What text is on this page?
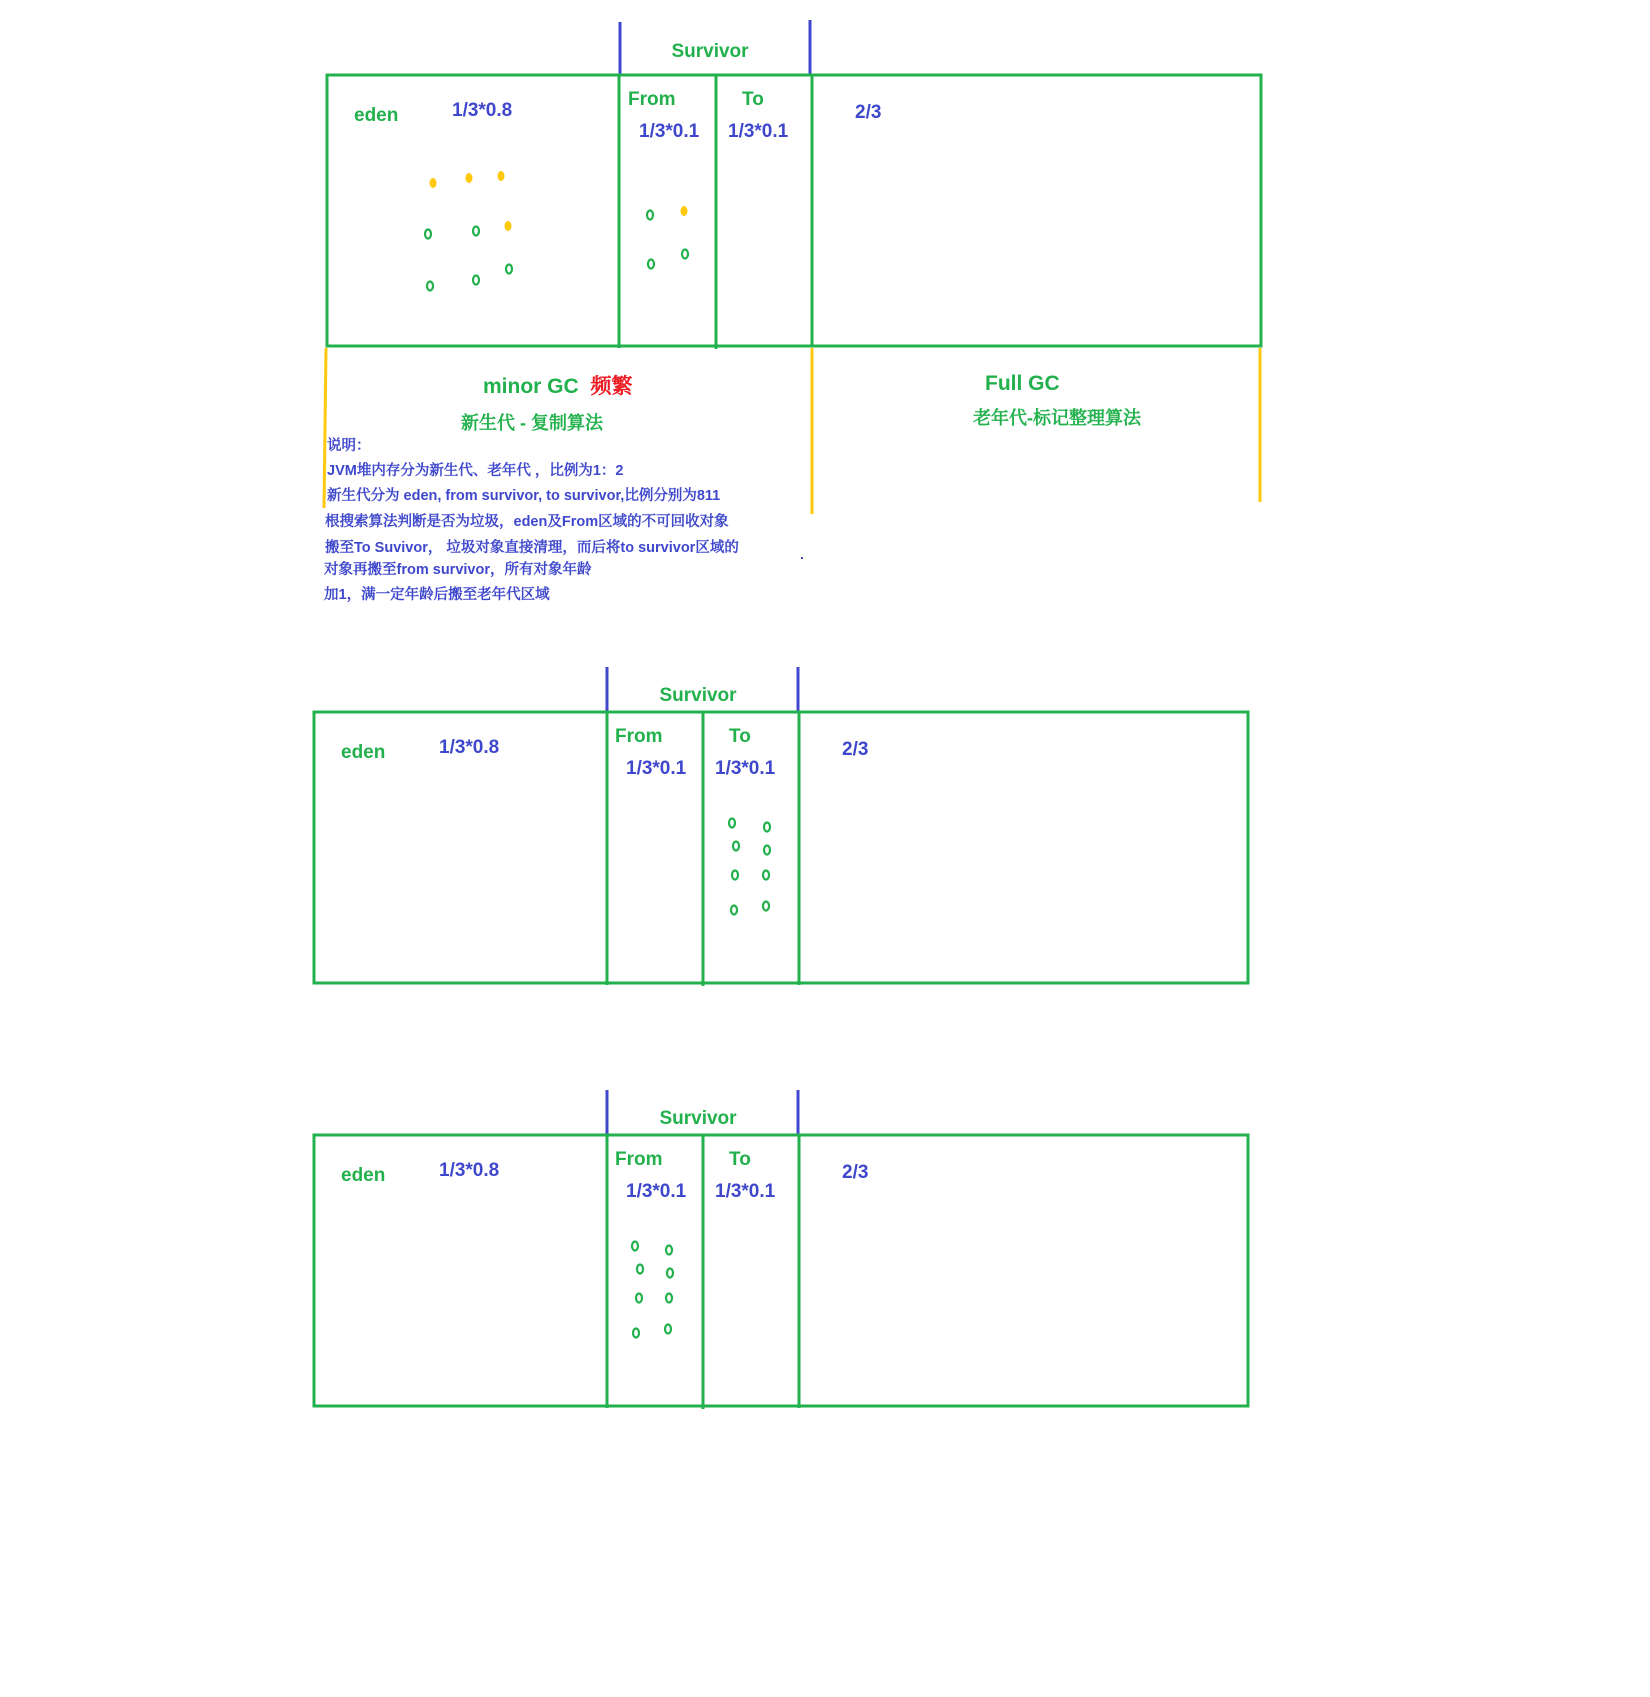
Survivor
eden	1/3*0.8
From
1/3*0.1
To
1/3*0.1
2/3
minor GC 频繁
新生代 - 复制算法
Full GC
老年代-标记整理算法
说明：
JVM堆内存分为新生代、老年代 ，比例为1：2
新生代分为 eden, from survivor, to survivor,比例分别为811
根搜索算法判断是否为垃圾，eden及From区域的不可回收对象
搬至To Suvivor， 垃圾对象直接清理，而后将to survivor区域的
对象再搬至from survivor，所有对象年龄
加1，满一定年龄后搬至老年代区域
Survivor
eden	1/3*0.8
From
1/3*0.1
To
1/3*0.1
2/3
Survivor
eden	1/3*0.8
From
1/3*0.1
To
1/3*0.1
2/3
